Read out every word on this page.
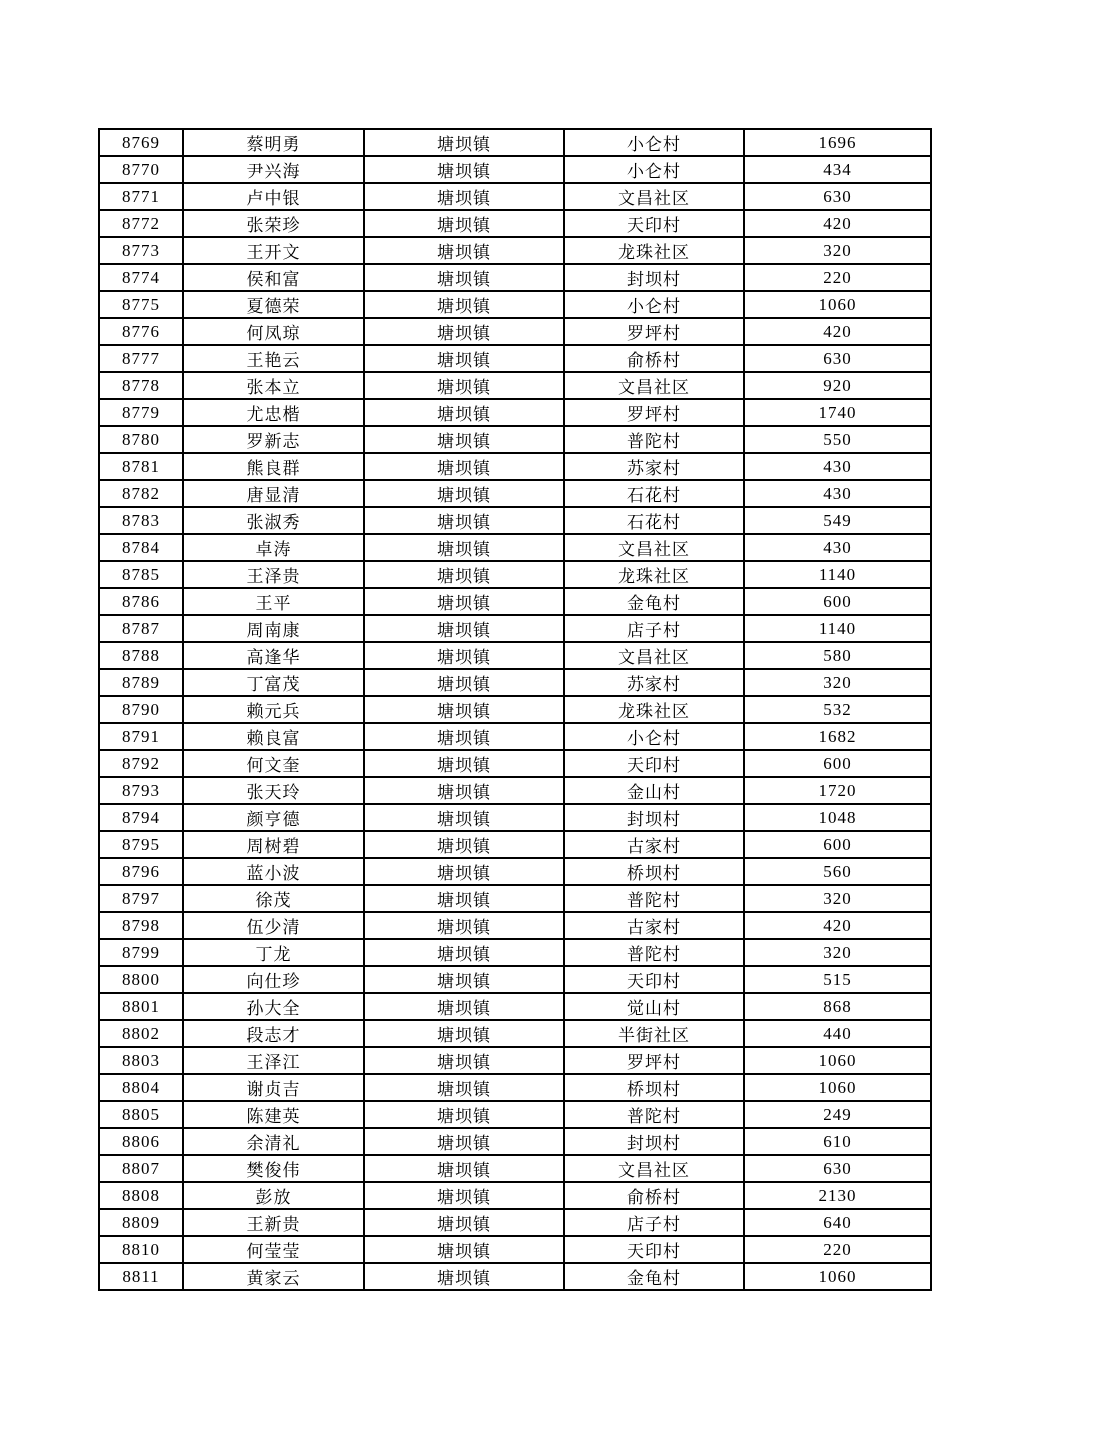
8769	蔡明勇	塘坝镇	小仑村	1696
8770	尹兴海	塘坝镇	小仑村	434
8771	卢中银	塘坝镇	文昌社区	630
8772	张荣珍	塘坝镇	天印村	420
8773	王开文	塘坝镇	龙珠社区	320
8774	侯和富	塘坝镇	封坝村	220
8775	夏德荣	塘坝镇	小仑村	1060
8776	何凤琼	塘坝镇	罗坪村	420
8777	王艳云	塘坝镇	俞桥村	630
8778	张本立	塘坝镇	文昌社区	920
8779	尤忠楷	塘坝镇	罗坪村	1740
8780	罗新志	塘坝镇	普陀村	550
8781	熊良群	塘坝镇	苏家村	430
8782	唐显清	塘坝镇	石花村	430
8783	张淑秀	塘坝镇	石花村	549
8784	卓涛	塘坝镇	文昌社区	430
8785	王泽贵	塘坝镇	龙珠社区	1140
8786	王平	塘坝镇	金龟村	600
8787	周南康	塘坝镇	店子村	1140
8788	高逢华	塘坝镇	文昌社区	580
8789	丁富茂	塘坝镇	苏家村	320
8790	赖元兵	塘坝镇	龙珠社区	532
8791	赖良富	塘坝镇	小仑村	1682
8792	何文奎	塘坝镇	天印村	600
8793	张天玲	塘坝镇	金山村	1720
8794	颜亨德	塘坝镇	封坝村	1048
8795	周树碧	塘坝镇	古家村	600
8796	蓝小波	塘坝镇	桥坝村	560
8797	徐茂	塘坝镇	普陀村	320
8798	伍少清	塘坝镇	古家村	420
8799	丁龙	塘坝镇	普陀村	320
8800	向仕珍	塘坝镇	天印村	515
8801	孙大全	塘坝镇	觉山村	868
8802	段志才	塘坝镇	半街社区	440
8803	王泽江	塘坝镇	罗坪村	1060
8804	谢贞吉	塘坝镇	桥坝村	1060
8805	陈建英	塘坝镇	普陀村	249
8806	余清礼	塘坝镇	封坝村	610
8807	樊俊伟	塘坝镇	文昌社区	630
8808	彭放	塘坝镇	俞桥村	2130
8809	王新贵	塘坝镇	店子村	640
8810	何莹莹	塘坝镇	天印村	220
8811	黄家云	塘坝镇	金龟村	1060
